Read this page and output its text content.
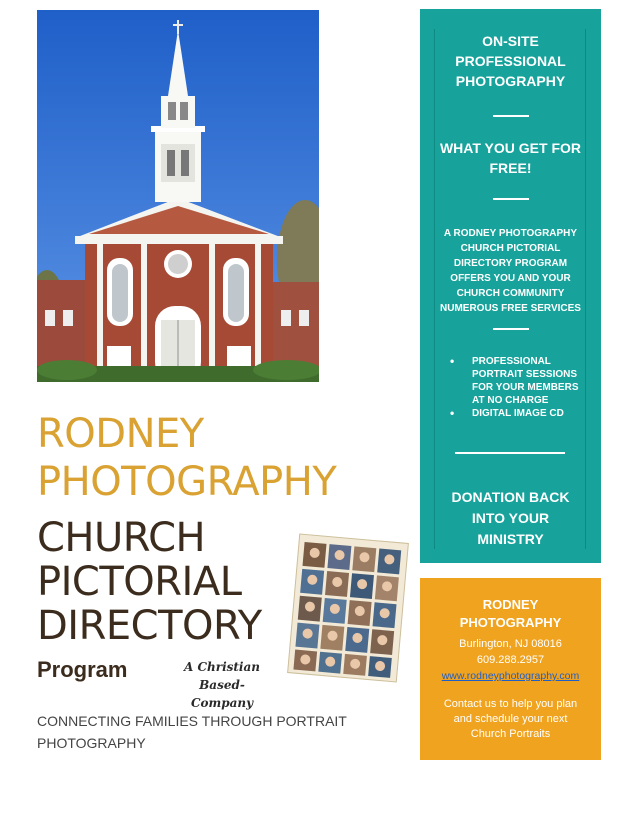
RODNEY
PHOTOGRAPHY
CHURCH
PICTORIAL
DIRECTORY
Program	A Christian
Based- Company
CONNECTING FAMILIES THROUGH PORTRAIT
PHOTOGRAPHY
ON-SITE
PROFESSIONAL
PHOTOGRAPHY
WHAT YOU GET FOR
FREE!
A RODNEY PHOTOGRAPHY
CHURCH PICTORIAL
DIRECTORY PROGRAM
OFFERS YOU AND YOUR
CHURCH COMMUNITY
NUMEROUS FREE SERVICES
•	PROFESSIONAL
PORTRAIT SESSIONS
FOR YOUR MEMBERS
AT NO CHARGE
•	DIGITAL IMAGE CD
DONATION BACK
INTO YOUR
MINISTRY
RODNEY
PHOTOGRAPHY
Burlington, NJ 08016
609.288.2957
www.rodneyphotography.com
Contact us to help you plan
and schedule your next
Church Portraits
